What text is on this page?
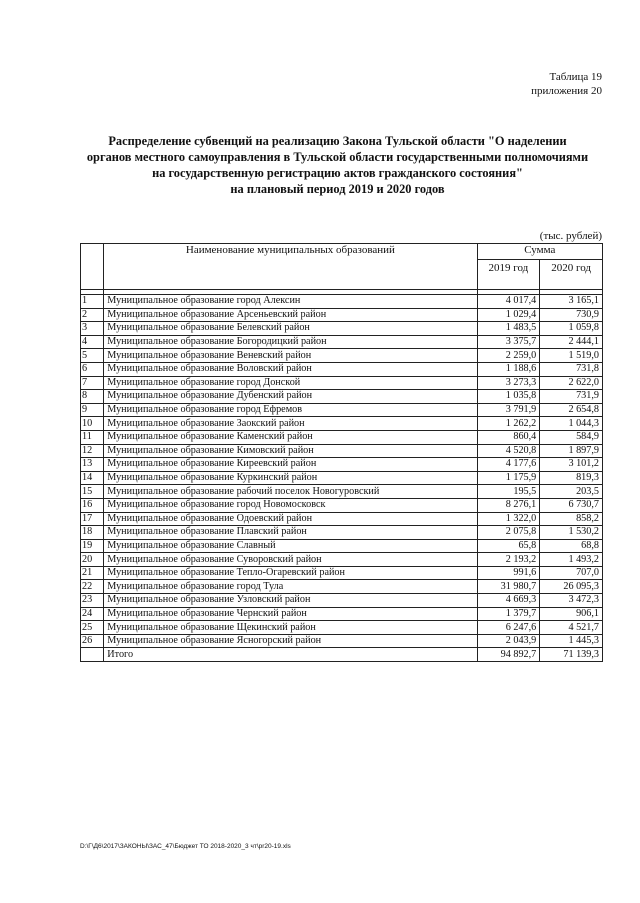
Таблица 19
приложения 20
Распределение субвенций на реализацию Закона Тульской области "О наделении
органов местного самоуправления в Тульской области государственными полномочиями
на государственную регистрацию актов гражданского состояния"
на плановый период 2019 и 2020 годов
(тыс. рублей)
	Наименование муниципальных образований	Сумма	
		2019 год	2020 год

1	Муниципальное образование город Алексин	4 017,4	3 165,1
2	Муниципальное образование Арсеньевский район	1 029,4	730,9
3	Муниципальное образование Белевский район	1 483,5	1 059,8
4	Муниципальное образование Богородицкий район	3 375,7	2 444,1
5	Муниципальное образование Веневский район	2 259,0	1 519,0
6	Муниципальное образование Воловский район	1 188,6	731,8
7	Муниципальное образование город Донской	3 273,3	2 622,0
8	Муниципальное образование Дубенский район	1 035,8	731,9
9	Муниципальное образование город Ефремов	3 791,9	2 654,8
10	Муниципальное образование Заокский район	1 262,2	1 044,3
11	Муниципальное образование Каменский район	860,4	584,9
12	Муниципальное образование Кимовский район	4 520,8	1 897,9
13	Муниципальное образование Киреевский район	4 177,6	3 101,2
14	Муниципальное образование Куркинский район	1 175,9	819,3
15	Муниципальное образование рабочий поселок Новогуровский	195,5	203,5
16	Муниципальное образование город Новомосковск	8 276,1	6 730,7
17	Муниципальное образование Одоевский район	1 322,0	858,2
18	Муниципальное образование Плавский район	2 075,8	1 530,2
19	Муниципальное образование Славный	65,8	68,8
20	Муниципальное образование Суворовский район	2 193,2	1 493,2
21	Муниципальное образование Тепло-Огаревский район	991,6	707,0
22	Муниципальное образование город Тула	31 980,7	26 095,3
23	Муниципальное образование Узловский район	4 669,3	3 472,3
24	Муниципальное образование Чернский район	1 379,7	906,1
25	Муниципальное образование Щекинский район	6 247,6	4 521,7
26	Муниципальное образование Ясногорский район	2 043,9	1 445,3
	Итого	94 892,7	71 139,3
D:\Г\Д6\2017\ЗАКОНЫ\ЗАС_47\Бюджет ТО 2018-2020_3 чт\pr20-19.xls
